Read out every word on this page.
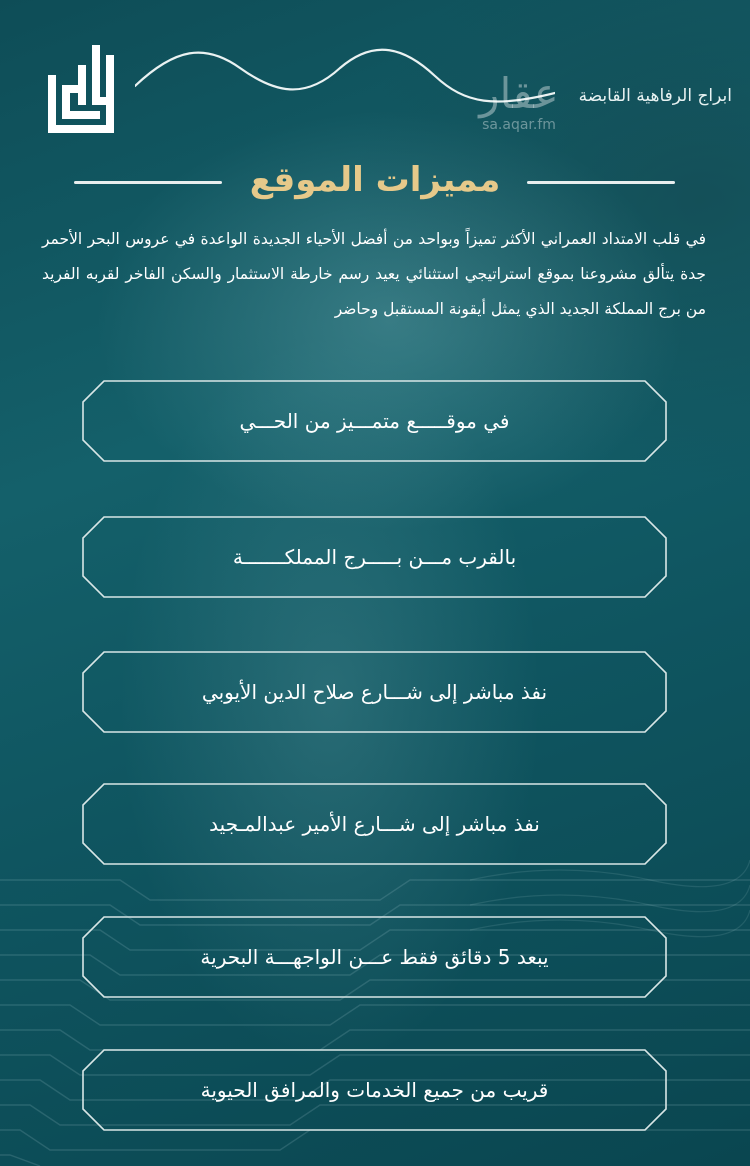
ابراج الرفاهية القابضة
عقار
sa.aqar.fm
مميزات الموقع

في قلب الامتداد العمراني الأكثر تميزاً وبواحد من أفضل الأحياء الجديدة الواعدة في عروس البحر الأحمر جدة يتألق مشروعنا بموقع استراتيجي استثنائي يعيد رسم خارطة الاستثمار والسكن الفاخر لقربه الفريد من برج المملكة الجديد الذي يمثل أيقونة المستقبل وحاضر

في موقـــــع متمـــيز من الحـــي
بالقرب مـــن بـــــرج المملكـــــــة
نفذ مباشر إلى شـــارع صلاح الدين الأيوبي
نفذ مباشر إلى شـــارع الأمير عبدالمـجيد
يبعد 5 دقائق فقط عـــن الواجهـــة البحرية
قريب من جميع الخدمات والمرافق الحيوية
